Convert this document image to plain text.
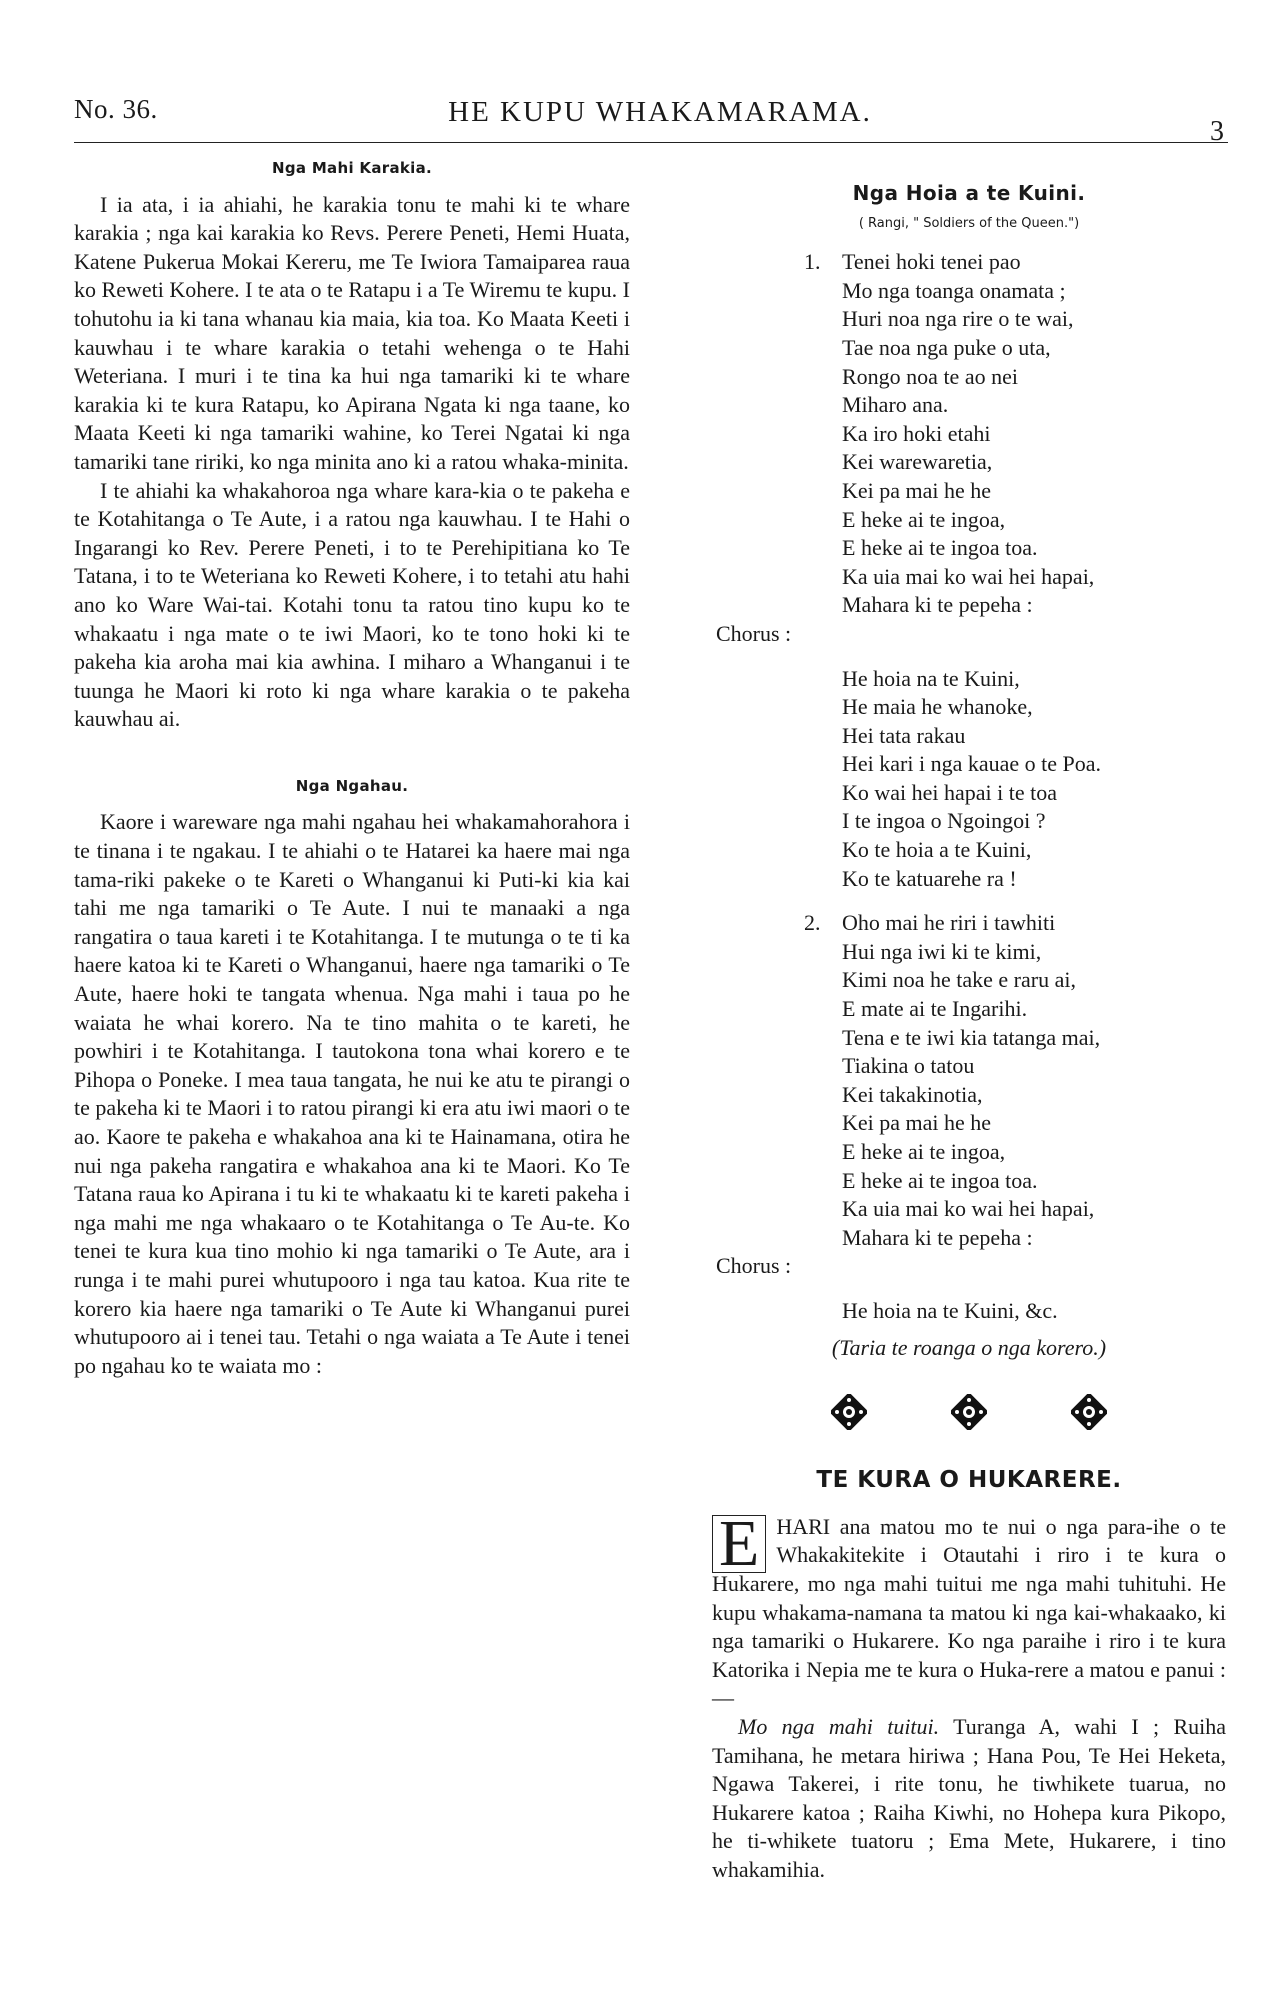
No. 36.	HE KUPU WHAKAMARAMA.
3
Nga Mahi Karakia.

I ia ata, i ia ahiahi, he karakia tonu te mahi ki te whare karakia ; nga kai karakia ko Revs. Perere Peneti, Hemi Huata, Katene Pukerua Mokai Kereru, me Te Iwiora Tamaiparea raua ko Reweti Kohere. I te ata o te Ratapu i a Te Wiremu te kupu. I tohutohu ia ki tana whanau kia maia, kia toa. Ko Maata Keeti i kauwhau i te whare karakia o tetahi wehenga o te Hahi Weteriana. I muri i te tina ka hui nga tamariki ki te whare karakia ki te kura Ratapu, ko Apirana Ngata ki nga taane, ko Maata Keeti ki nga tamariki wahine, ko Terei Ngatai ki nga tamariki tane ririki, ko nga minita ano ki a ratou whaka-minita.

I te ahiahi ka whakahoroa nga whare kara-kia o te pakeha e te Kotahitanga o Te Aute, i a ratou nga kauwhau. I te Hahi o Ingarangi ko Rev. Perere Peneti, i to te Perehipitiana ko Te Tatana, i to te Weteriana ko Reweti Kohere, i to tetahi atu hahi ano ko Ware Wai-tai. Kotahi tonu ta ratou tino kupu ko te whakaatu i nga mate o te iwi Maori, ko te tono hoki ki te pakeha kia aroha mai kia awhina. I miharo a Whanganui i te tuunga he Maori ki roto ki nga whare karakia o te pakeha kauwhau ai.

Nga Ngahau.

Kaore i wareware nga mahi ngahau hei whakamahorahora i te tinana i te ngakau. I te ahiahi o te Hatarei ka haere mai nga tama-riki pakeke o te Kareti o Whanganui ki Puti-ki kia kai tahi me nga tamariki o Te Aute. I nui te manaaki a nga rangatira o taua kareti i te Kotahitanga. I te mutunga o te ti ka haere katoa ki te Kareti o Whanganui, haere nga tamariki o Te Aute, haere hoki te tangata whenua. Nga mahi i taua po he waiata he whai korero. Na te tino mahita o te kareti, he powhiri i te Kotahitanga. I tautokona tona whai korero e te Pihopa o Poneke. I mea taua tangata, he nui ke atu te pirangi o te pakeha ki te Maori i to ratou pirangi ki era atu iwi maori o te ao. Kaore te pakeha e whakahoa ana ki te Hainamana, otira he nui nga pakeha rangatira e whakahoa ana ki te Maori. Ko Te Tatana raua ko Apirana i tu ki te whakaatu ki te kareti pakeha i nga mahi me nga whakaaro o te Kotahitanga o Te Au-te. Ko tenei te kura kua tino mohio ki nga tamariki o Te Aute, ara i runga i te mahi purei whutupooro i nga tau katoa. Kua rite te korero kia haere nga tamariki o Te Aute ki Whanganui purei whutupooro ai i tenei tau. Tetahi o nga waiata a Te Aute i tenei po ngahau ko te waiata mo :

Nga Hoia a te Kuini.
( Rangi, " Soldiers of the Queen.")
1. Tenei hoki tenei pao
Mo nga toanga onamata ;
Huri noa nga rire o te wai,
Tae noa nga puke o uta,
Rongo noa te ao nei
Miharo ana.
Ka iro hoki etahi
Kei warewaretia,
Kei pa mai he he
E heke ai te ingoa,
E heke ai te ingoa toa.
Ka uia mai ko wai hei hapai,
Mahara ki te pepeha :
Chorus :
He hoia na te Kuini,
He maia he whanoke,
Hei tata rakau
Hei kari i nga kauae o te Poa.
Ko wai hei hapai i te toa
I te ingoa o Ngoingoi ?
Ko te hoia a te Kuini,
Ko te katuarehe ra !
2. Oho mai he riri i tawhiti
Hui nga iwi ki te kimi,
Kimi noa he take e raru ai,
E mate ai te Ingarihi.
Tena e te iwi kia tatanga mai,
Tiakina o tatou
Kei takakinotia,
Kei pa mai he he
E heke ai te ingoa,
E heke ai te ingoa toa.
Ka uia mai ko wai hei hapai,
Mahara ki te pepeha :
Chorus :
He hoia na te Kuini, &c.
(Taria te roanga o nga korero.)
TE KURA O HUKARERE.

E HARI ana matou mo te nui o nga para-ihe o te Whakakitekite i Otautahi i riro i te kura o Hukarere, mo nga mahi tuitui me nga mahi tuhituhi. He kupu whakama-namana ta matou ki nga kai-whakaako, ki nga tamariki o Hukarere. Ko nga paraihe i riro i te kura Katorika i Nepia me te kura o Huka-rere a matou e panui :—

Mo nga mahi tuitui. Turanga A, wahi I ; Ruiha Tamihana, he metara hiriwa ; Hana Pou, Te Hei Heketa, Ngawa Takerei, i rite tonu, he tiwhikete tuarua, no Hukarere katoa ; Raiha Kiwhi, no Hohepa kura Pikopo, he ti-whikete tuatoru ; Ema Mete, Hukarere, i tino whakamihia.
